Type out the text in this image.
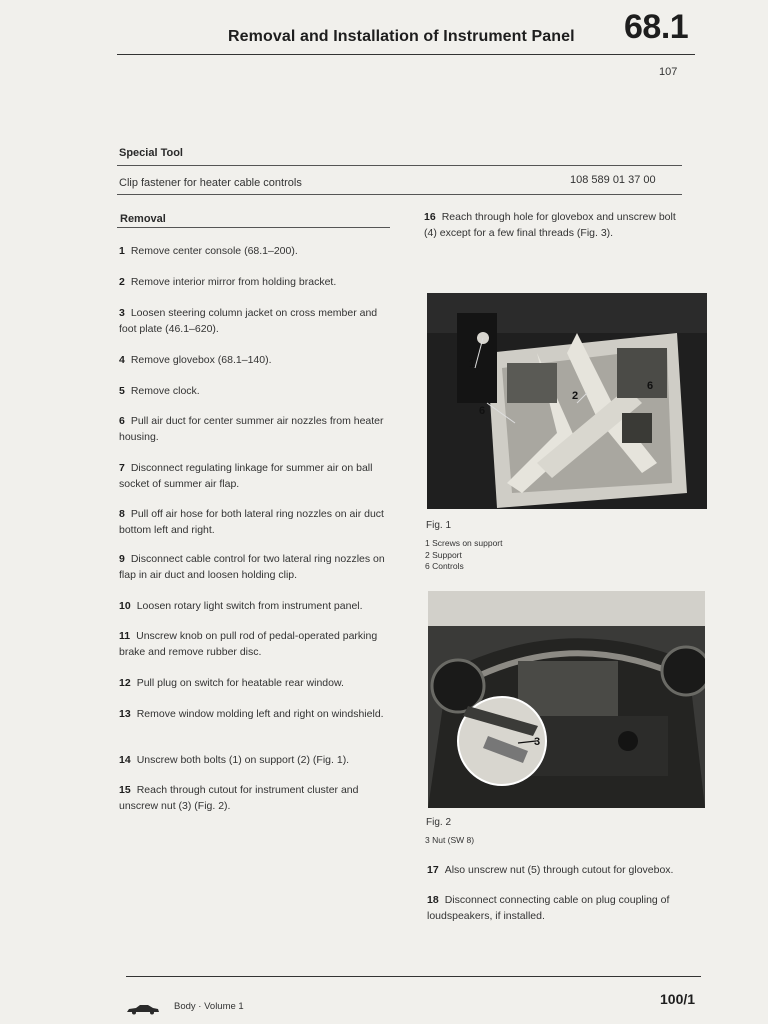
Removal and Installation of Instrument Panel 68.1
107
Special Tool
Clip fastener for heater cable controls	108 589 01 37 00
Removal
1 Remove center console (68.1–200).
2 Remove interior mirror from holding bracket.
3 Loosen steering column jacket on cross member and foot plate (46.1–620).
4 Remove glovebox (68.1–140).
5 Remove clock.
6 Pull air duct for center summer air nozzles from heater housing.
7 Disconnect regulating linkage for summer air on ball socket of summer air flap.
8 Pull off air hose for both lateral ring nozzles on air duct bottom left and right.
9 Disconnect cable control for two lateral ring nozzles on flap in air duct and loosen holding clip.
10 Loosen rotary light switch from instrument panel.
11 Unscrew knob on pull rod of pedal-operated parking brake and remove rubber disc.
12 Pull plug on switch for heatable rear window.
13 Remove window molding left and right on windshield.
14 Unscrew both bolts (1) on support (2) (Fig. 1).
15 Reach through cutout for instrument cluster and unscrew nut (3) (Fig. 2).
16 Reach through hole for glovebox and unscrew bolt (4) except for a few final threads (Fig. 3).
1
2
6
6
Fig. 1
1 Screws on support
2 Support
6 Controls
3
Fig. 2
3 Nut (SW 8)
17 Also unscrew nut (5) through cutout for glovebox.
18 Disconnect connecting cable on plug coupling of loudspeakers, if installed.
Body · Volume 1	100/1
